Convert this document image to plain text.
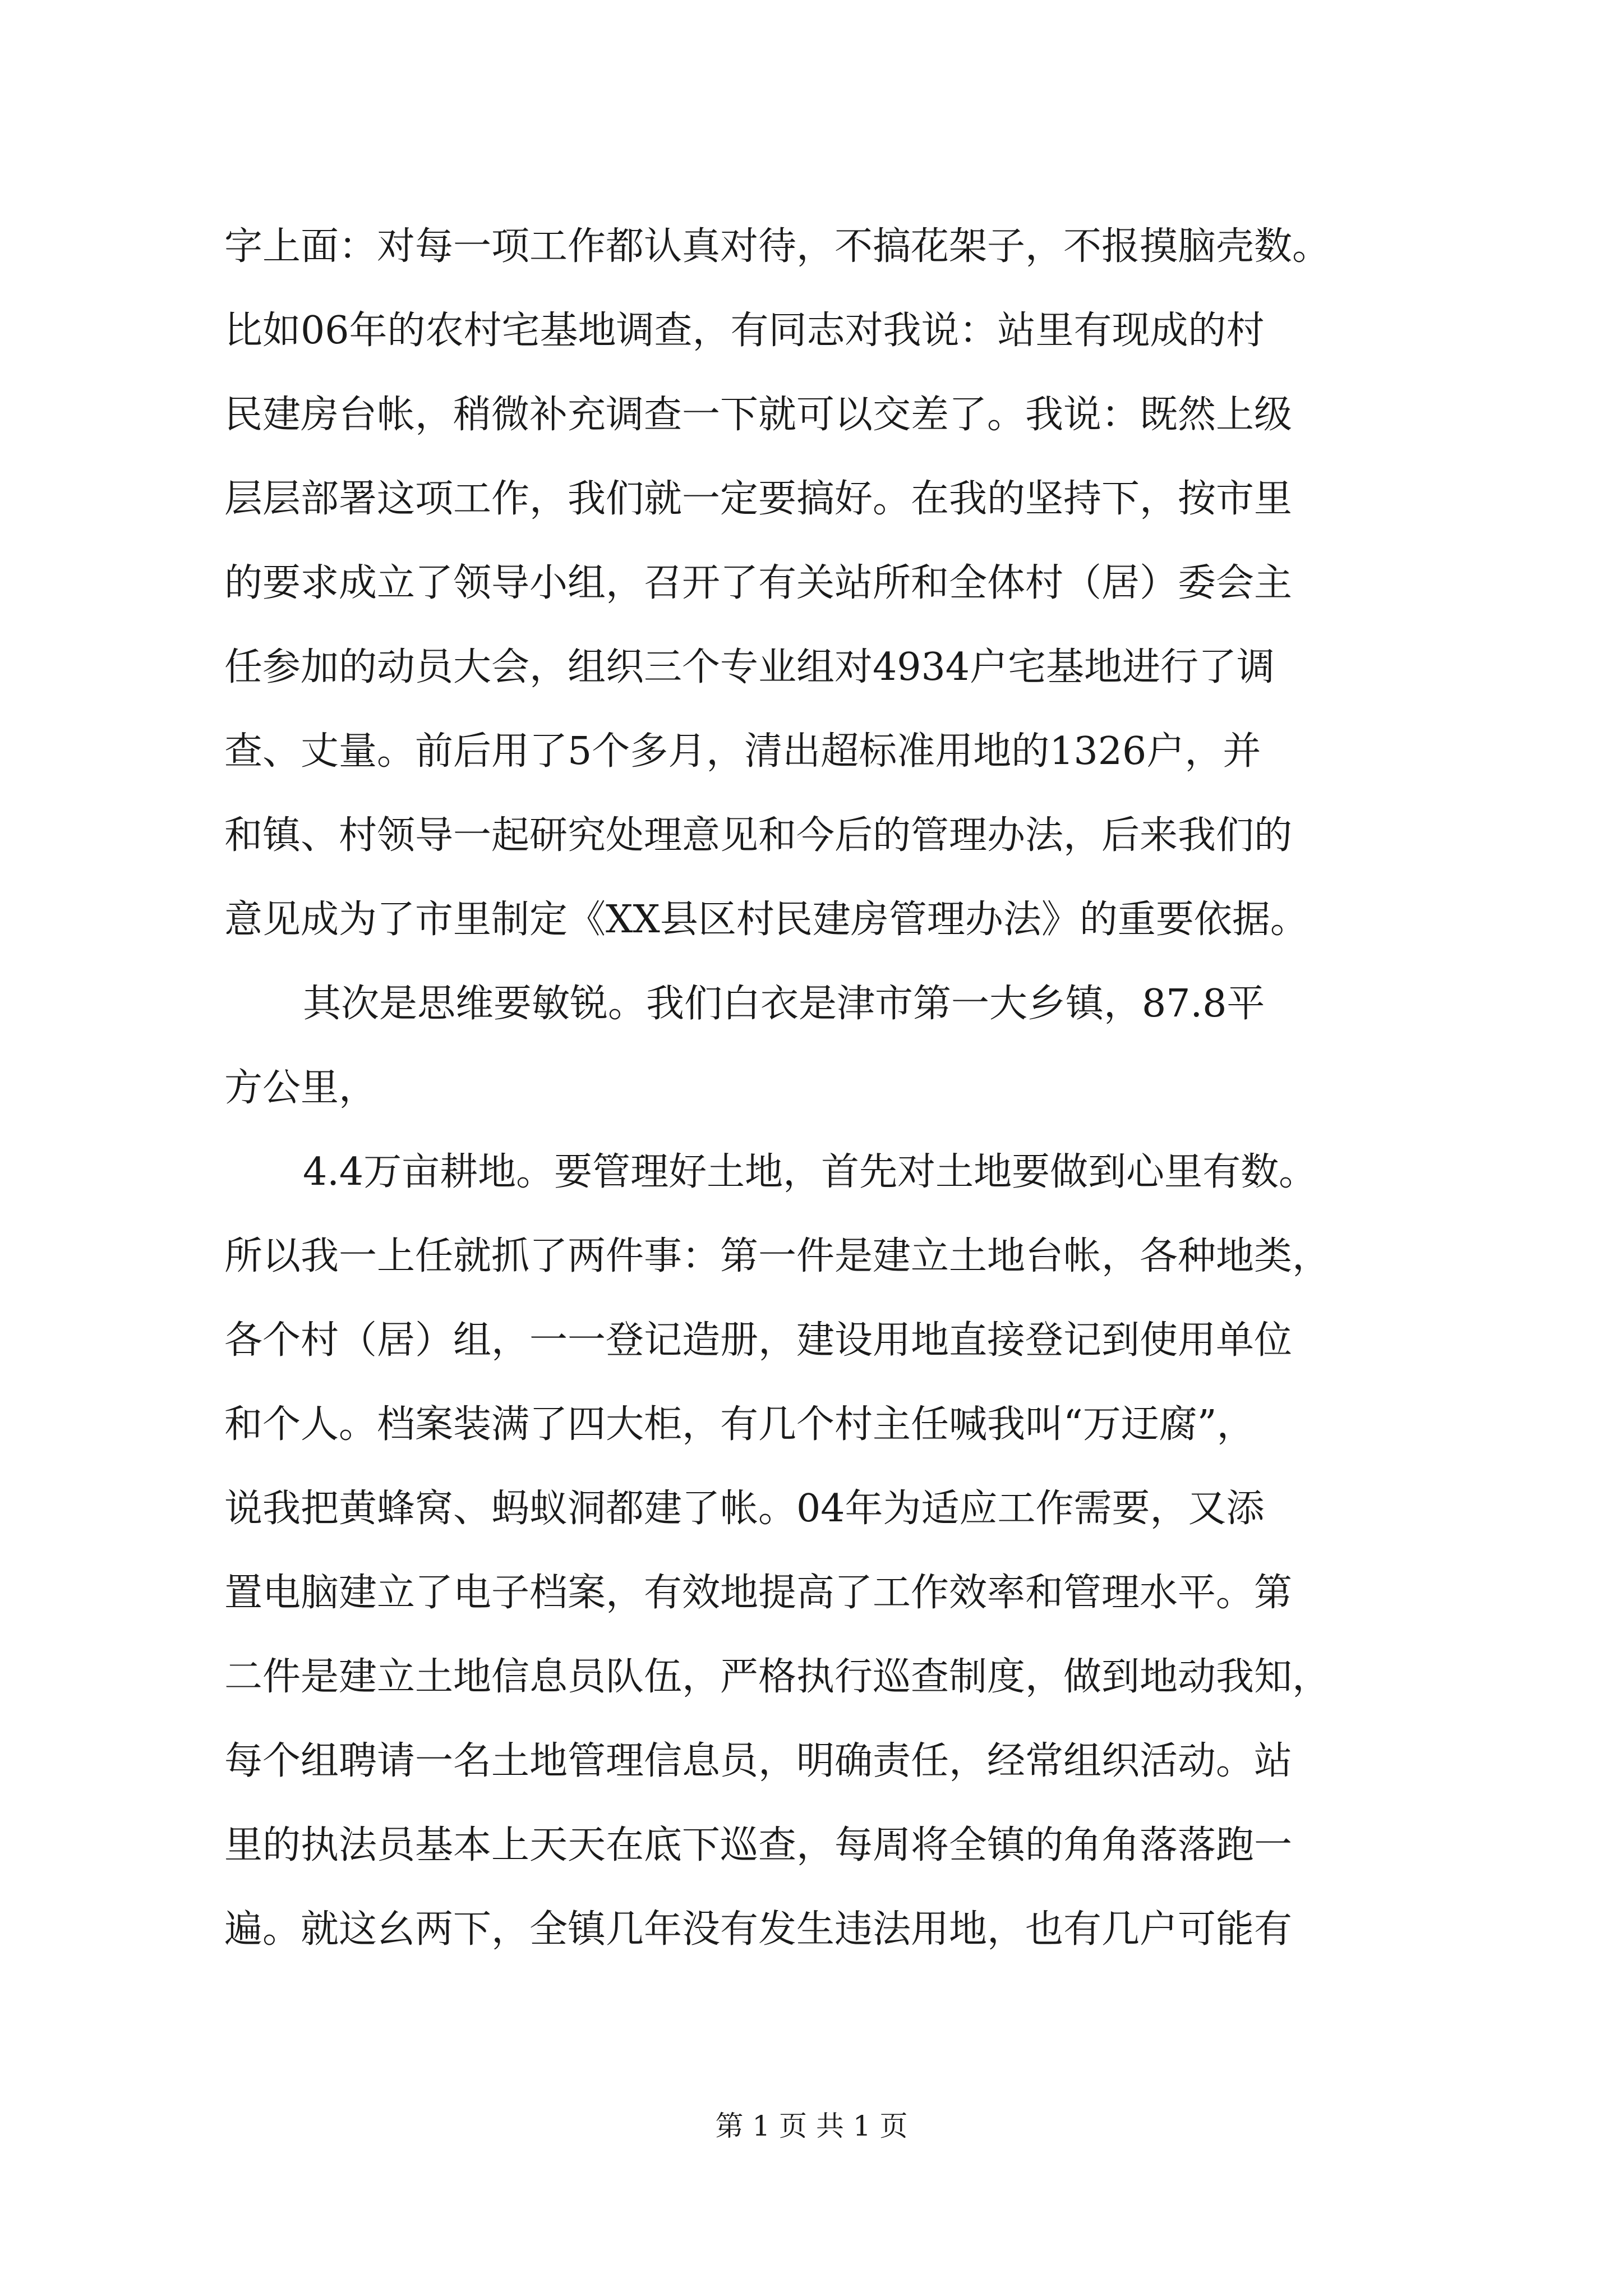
字上面：对每一项工作都认真对待，不搞花架子，不报摸脑壳数。
比如06年的农村宅基地调查，有同志对我说：站里有现成的村
民建房台帐，稍微补充调查一下就可以交差了。我说：既然上级
层层部署这项工作，我们就一定要搞好。在我的坚持下，按市里
的要求成立了领导小组，召开了有关站所和全体村（居）委会主
任参加的动员大会，组织三个专业组对4934户宅基地进行了调
查、丈量。前后用了5个多月，清出超标准用地的1326户，并
和镇、村领导一起研究处理意见和今后的管理办法，后来我们的
意见成为了市里制定《XX县区村民建房管理办法》的重要依据。
其次是思维要敏锐。我们白衣是津市第一大乡镇，87.8平
方公里，
4.4万亩耕地。要管理好土地，首先对土地要做到心里有数。
所以我一上任就抓了两件事：第一件是建立土地台帐，各种地类，
各个村（居）组，一一登记造册，建设用地直接登记到使用单位
和个人。档案装满了四大柜，有几个村主任喊我叫“万迂腐”，
说我把黄蜂窝、蚂蚁洞都建了帐。04年为适应工作需要，又添
置电脑建立了电子档案，有效地提高了工作效率和管理水平。第
二件是建立土地信息员队伍，严格执行巡查制度，做到地动我知，
每个组聘请一名土地管理信息员，明确责任，经常组织活动。站
里的执法员基本上天天在底下巡查，每周将全镇的角角落落跑一
遍。就这幺两下，全镇几年没有发生违法用地，也有几户可能有
第 1 页 共 1 页
